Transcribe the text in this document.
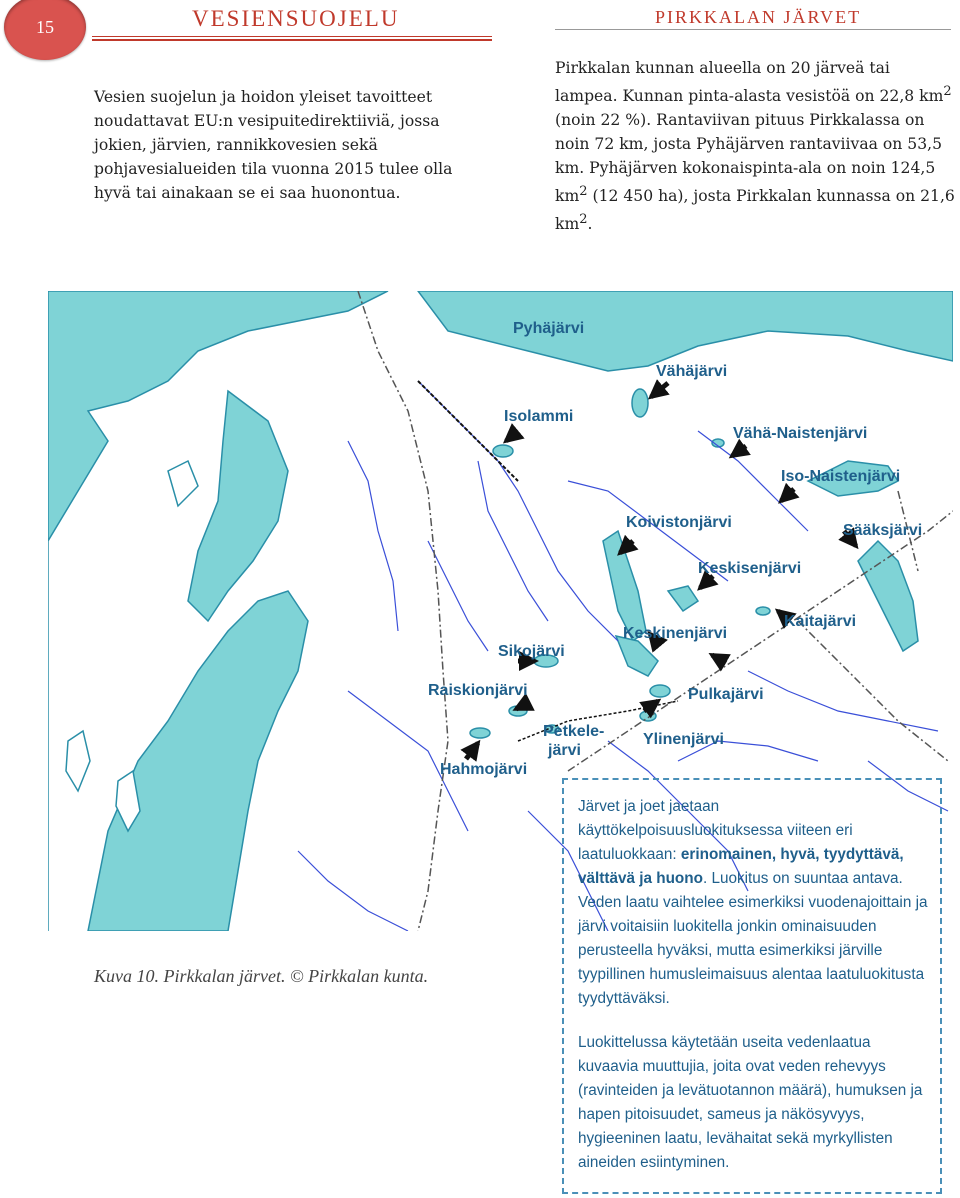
15	VESIENSUOJELU	PIRKKALAN JÄRVET
Vesien suojelun ja hoidon yleiset tavoitteet noudattavat EU:n vesipuitedirektiiviä, jossa jokien, järvien, rannikkovesien sekä pohjavesialueiden tila vuonna 2015 tulee olla hyvä tai ainakaan se ei saa huonontua.
Pirkkalan kunnan alueella on 20 järveä tai lampea. Kunnan pinta-alasta vesistöä on 22,8 $km^2$ (noin 22 %). Rantaviivan pituus Pirkkalassa on noin 72 km, josta Pyhäjärven rantaviivaa on 53,5 km. Pyhäjärven kokonaispinta-ala on noin 124,5 $km^2$ (12 450 ha), josta Pirkkalan kunnassa on 21,6 $km^2$.
Pyhäjärvi
Vähäjärvi
Isolammi
Vähä-Naistenjärvi
Iso-Naistenjärvi
Sääksjärvi
Koivistonjärvi
Keskisenjärvi
Keskinenjärvi
Sikojärvi
Kaitajärvi
Raiskionjärvi	Pulkajärvi
Petkele-
järvi
Ylinenjärvi
Hahmojärvi
Kuva 10. Pirkkalan järvet. © Pirkkalan kunta.

Järvet ja joet jaetaan käyttökelpoisuusluokituksessa viiteen eri laatuluokkaan: erinomainen, hyvä, tyydyttävä, välttävä ja huono. Luokitus on suuntaa antava. Veden laatu vaihtelee esimerkiksi vuodenajoittain ja järvi voitaisiin luokitella jonkin ominaisuuden perusteella hyväksi, mutta esimerkiksi järville tyypillinen humusleimaisuus alentaa laatuluokitusta tyydyttäväksi.

Luokittelussa käytetään useita vedenlaatua kuvaavia muuttujia, joita ovat veden rehevyys (ravinteiden ja levätuotannon määrä), humuksen ja hapen pitoisuudet, sameus ja näkösyvyys, hygieeninen laatu, levähaitat sekä myrkyllisten aineiden esiintyminen.
